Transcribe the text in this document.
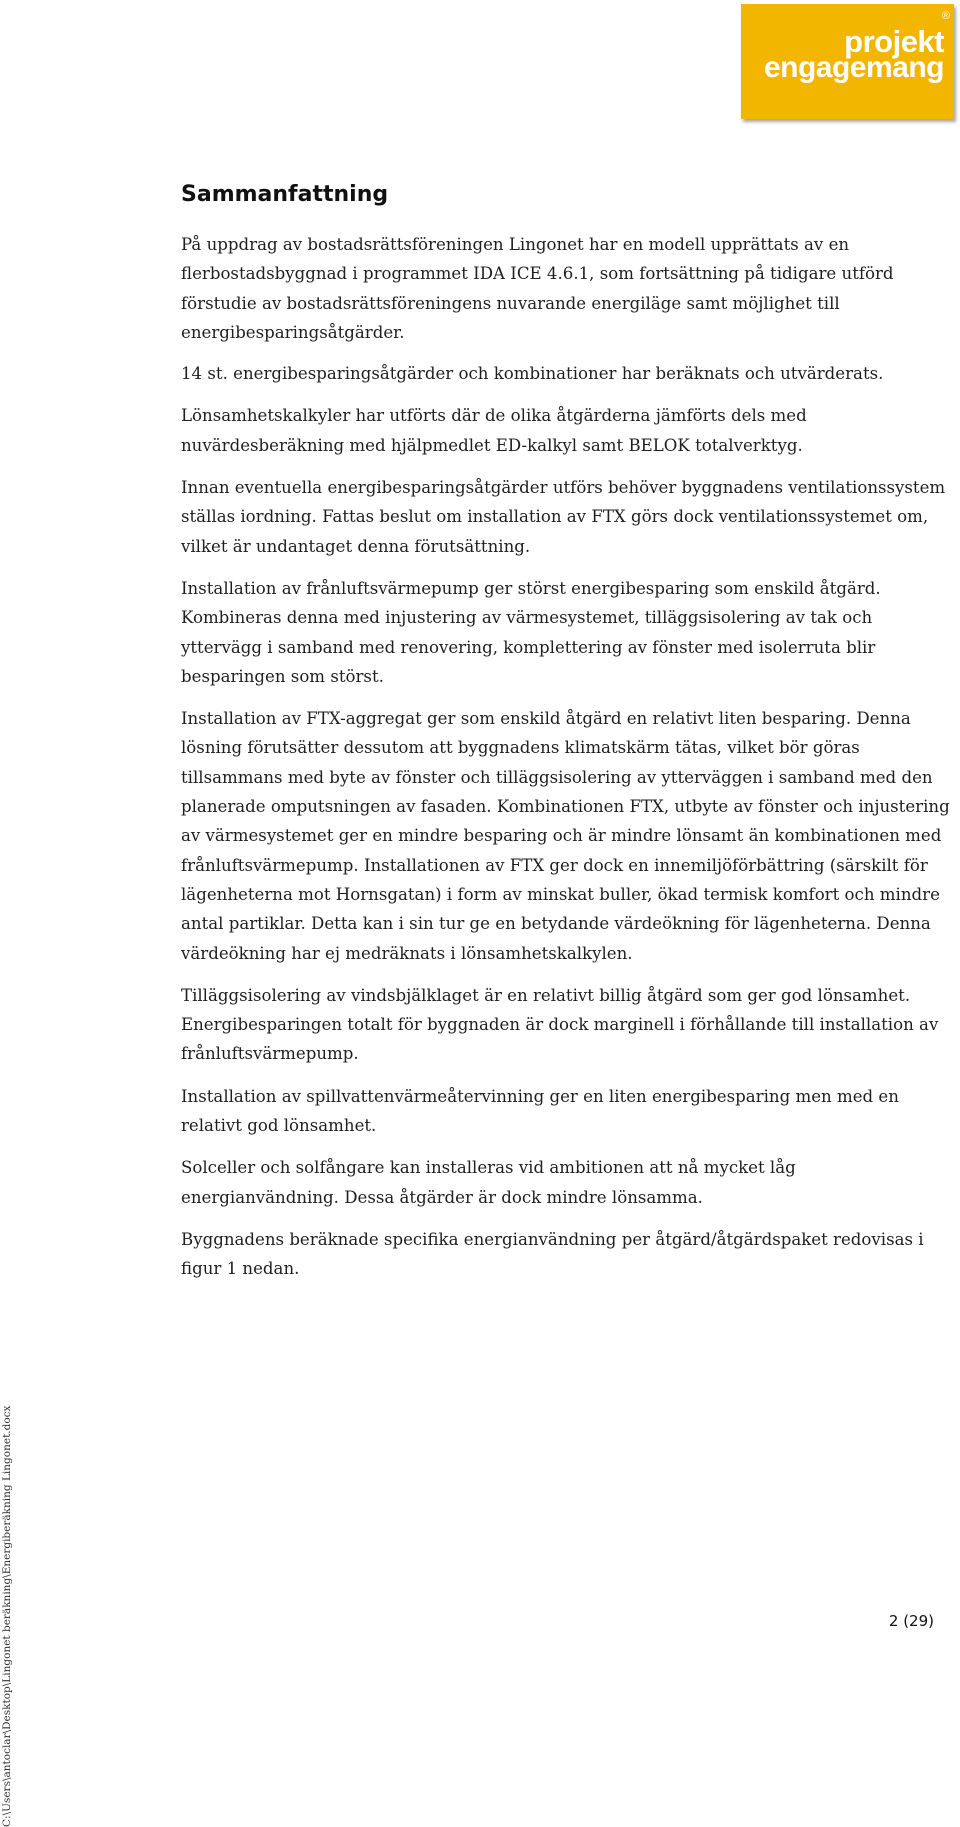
®
projekt
engagemang
C:\Users\antoclar\Desktop\Lingonet beräkning\Energiberäkning Lingonet.docx
Sammanfattning

På uppdrag av bostadsrättsföreningen Lingonet har en modell upprättats av en flerbostadsbyggnad i programmet IDA ICE 4.6.1, som fortsättning på tidigare utförd förstudie av bostadsrättsföreningens nuvarande energiläge samt möjlighet till energibesparingsåtgärder.

14 st. energibesparingsåtgärder och kombinationer har beräknats och utvärderats.

Lönsamhetskalkyler har utförts där de olika åtgärderna jämförts dels med nuvärdesberäkning med hjälpmedlet ED-kalkyl samt BELOK totalverktyg.

Innan eventuella energibesparingsåtgärder utförs behöver byggnadens ventilationssystem ställas iordning. Fattas beslut om installation av FTX görs dock ventilationssystemet om, vilket är undantaget denna förutsättning.

Installation av frånluftsvärmepump ger störst energibesparing som enskild åtgärd. Kombineras denna med injustering av värmesystemet, tilläggsisolering av tak och yttervägg i samband med renovering, komplettering av fönster med isolerruta blir besparingen som störst.

Installation av FTX-aggregat ger som enskild åtgärd en relativt liten besparing. Denna lösning förutsätter dessutom att byggnadens klimatskärm tätas, vilket bör göras tillsammans med byte av fönster och tilläggsisolering av ytterväggen i samband med den planerade omputsningen av fasaden. Kombinationen FTX, utbyte av fönster och injustering av värmesystemet ger en mindre besparing och är mindre lönsamt än kombinationen med frånluftsvärmepump. Installationen av FTX ger dock en innemiljöförbättring (särskilt för lägenheterna mot Hornsgatan) i form av minskat buller, ökad termisk komfort och mindre antal partiklar. Detta kan i sin tur ge en betydande värdeökning för lägenheterna. Denna värdeökning har ej medräknats i lönsamhetskalkylen.

Tilläggsisolering av vindsbjälklaget är en relativt billig åtgärd som ger god lönsamhet. Energibesparingen totalt för byggnaden är dock marginell i förhållande till installation av frånluftsvärmepump.

Installation av spillvattenvärmeåtervinning ger en liten energibesparing men med en relativt god lönsamhet.

Solceller och solfångare kan installeras vid ambitionen att nå mycket låg energianvändning. Dessa åtgärder är dock mindre lönsamma.

Byggnadens beräknade specifika energianvändning per åtgärd/åtgärdspaket redovisas i figur 1 nedan.

2 (29)
